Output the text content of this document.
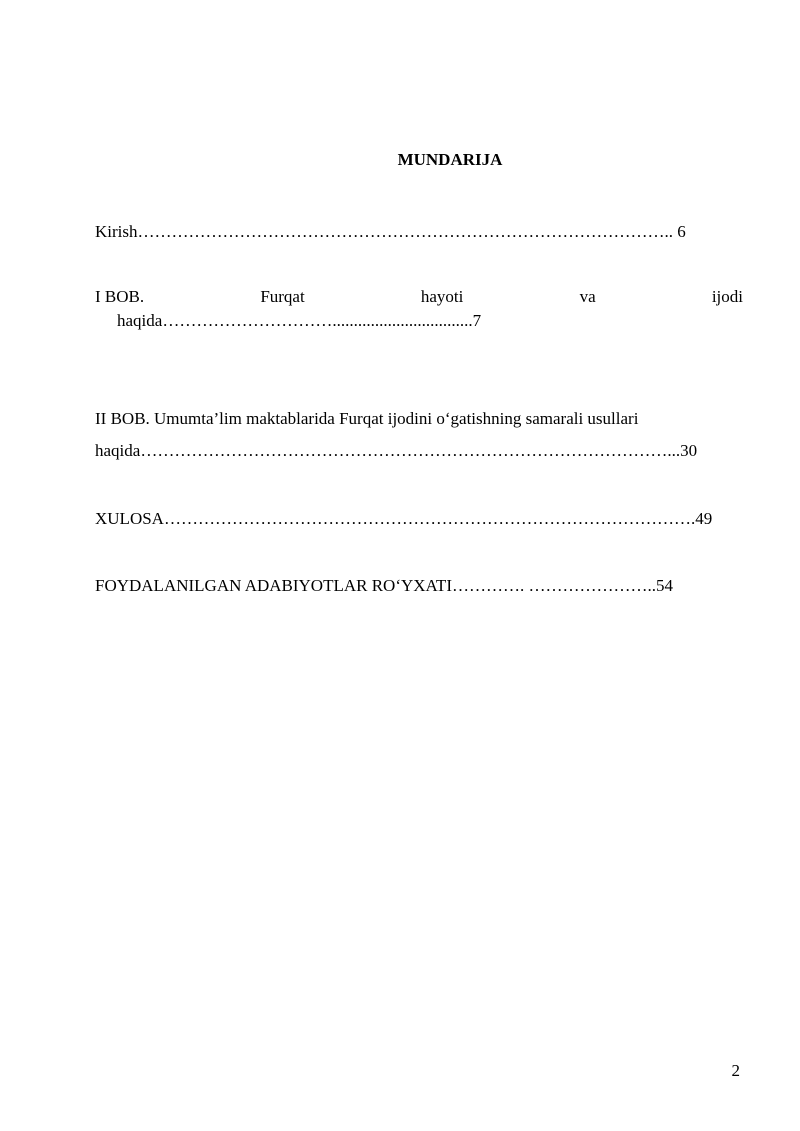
MUNDARIJA
Kirish………………………………………………………………………………….. 6
I BOB.	Furqat	hayoti	va	ijodi
haqida………………………….................................7
II BOB. Umumta’lim maktablarida Furqat ijodini o‘gatishning samarali usullari
haqida…………………………………………………………………………………...30
XULOSA………………………………………………………………………………….49
FOYDALANILGAN ADABIYOTLAR RO‘YXATI…………. …………………..54
2
